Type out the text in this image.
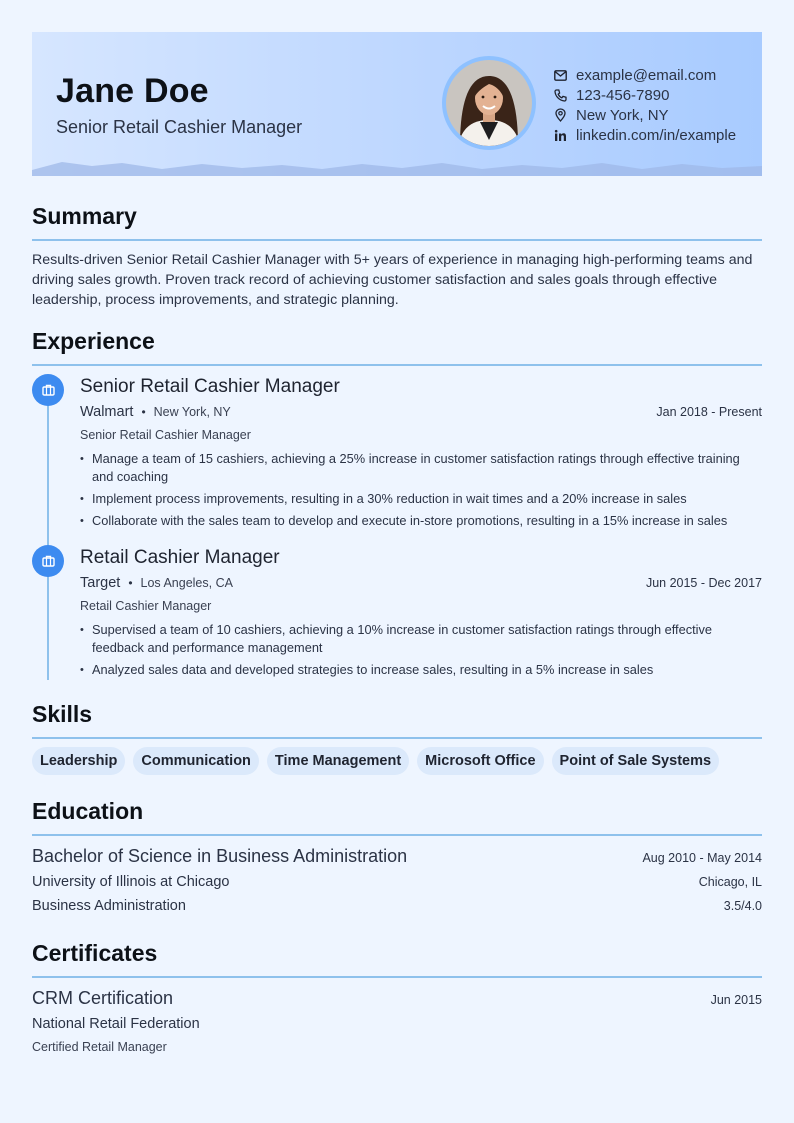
Jane Doe
Senior Retail Cashier Manager
example@email.com
123-456-7890
New York, NY
linkedin.com/in/example
Summary
Results-driven Senior Retail Cashier Manager with 5+ years of experience in managing high-performing teams and driving sales growth. Proven track record of achieving customer satisfaction and sales goals through effective leadership, process improvements, and strategic planning.
Experience
Senior Retail Cashier Manager
Walmart • New York, NY	Jan 2018 - Present
Senior Retail Cashier Manager
• Manage a team of 15 cashiers, achieving a 25% increase in customer satisfaction ratings through effective training and coaching
• Implement process improvements, resulting in a 30% reduction in wait times and a 20% increase in sales
• Collaborate with the sales team to develop and execute in-store promotions, resulting in a 15% increase in sales
Retail Cashier Manager
Target • Los Angeles, CA	Jun 2015 - Dec 2017
Retail Cashier Manager
• Supervised a team of 10 cashiers, achieving a 10% increase in customer satisfaction ratings through effective feedback and performance management
• Analyzed sales data and developed strategies to increase sales, resulting in a 5% increase in sales
Skills
Leadership	Communication	Time Management	Microsoft Office	Point of Sale Systems
Education
Bachelor of Science in Business Administration	Aug 2010 - May 2014
University of Illinois at Chicago	Chicago, IL
Business Administration	3.5/4.0
Certificates
CRM Certification	Jun 2015
National Retail Federation
Certified Retail Manager
